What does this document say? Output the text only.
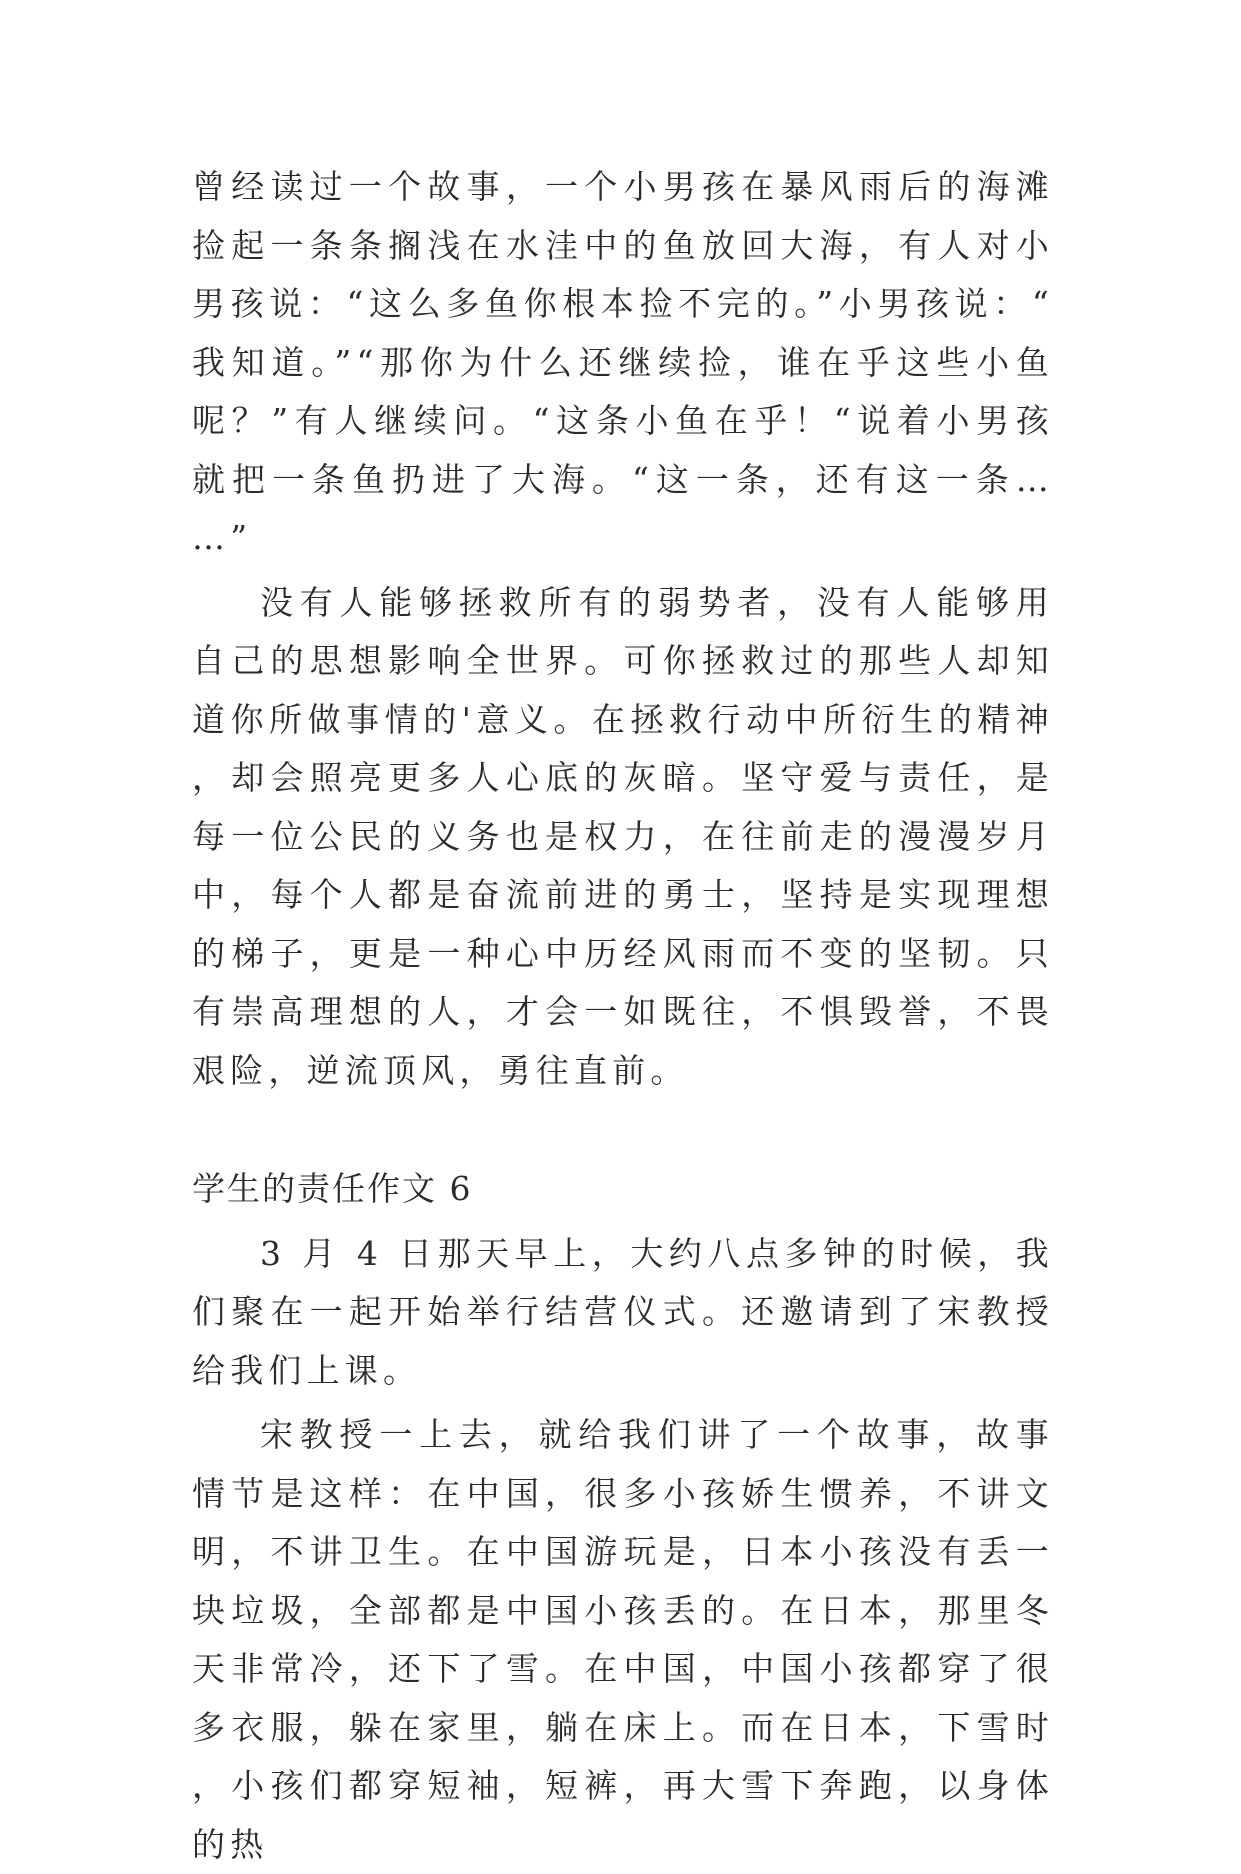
曾经读过一个故事，一个小男孩在暴风雨后的海滩捡起一条条搁浅在水洼中的鱼放回大海，有人对小男孩说：“这么多鱼你根本捡不完的。”小男孩说：“我知道。”“那你为什么还继续捡，谁在乎这些小鱼呢？”有人继续问。“这条小鱼在乎！“说着小男孩就把一条鱼扔进了大海。“这一条，还有这一条……”

没有人能够拯救所有的弱势者，没有人能够用自己的思想影响全世界。可你拯救过的那些人却知道你所做事情的'意义。在拯救行动中所衍生的精神，却会照亮更多人心底的灰暗。坚守爱与责任，是每一位公民的义务也是权力，在往前走的漫漫岁月中，每个人都是奋流前进的勇士，坚持是实现理想的梯子，更是一种心中历经风雨而不变的坚韧。只有崇高理想的人，才会一如既往，不惧毁誉，不畏艰险，逆流顶风，勇往直前。

学生的责任作文 6

3 月 4 日那天早上，大约八点多钟的时候，我们聚在一起开始举行结营仪式。还邀请到了宋教授给我们上课。

宋教授一上去，就给我们讲了一个故事，故事情节是这样：在中国，很多小孩娇生惯养，不讲文明，不讲卫生。在中国游玩是，日本小孩没有丢一块垃圾，全部都是中国小孩丢的。在日本，那里冬天非常冷，还下了雪。在中国，中国小孩都穿了很多衣服，躲在家里，躺在床上。而在日本，下雪时，小孩们都穿短袖，短裤，再大雪下奔跑，以身体的热
